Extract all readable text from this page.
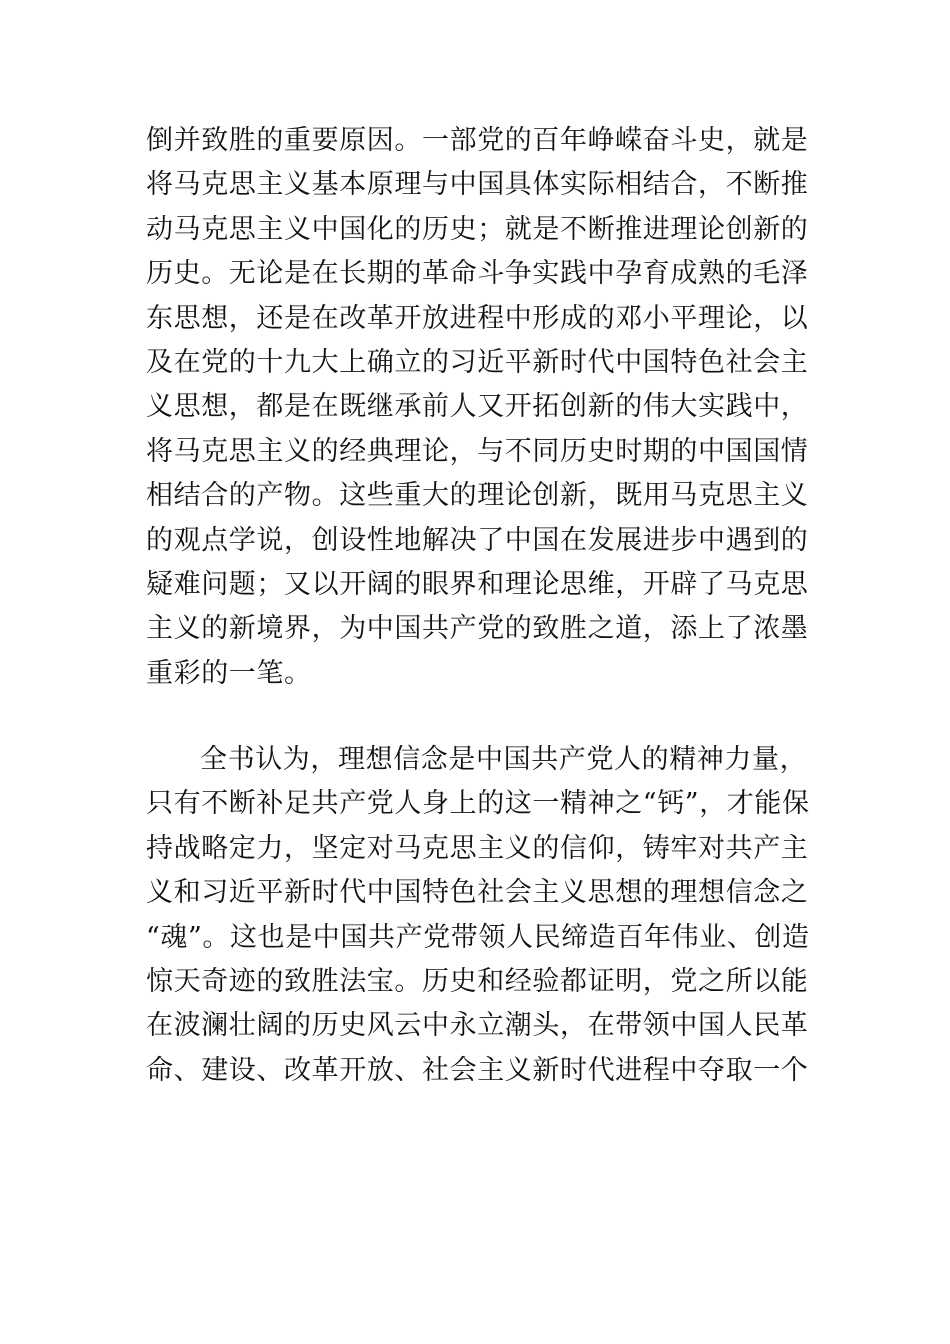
倒并致胜的重要原因。一部党的百年峥嵘奋斗史，就是
将马克思主义基本原理与中国具体实际相结合，不断推
动马克思主义中国化的历史；就是不断推进理论创新的
历史。无论是在长期的革命斗争实践中孕育成熟的毛泽
东思想，还是在改革开放进程中形成的邓小平理论，以
及在党的十九大上确立的习近平新时代中国特色社会主
义思想，都是在既继承前人又开拓创新的伟大实践中，
将马克思主义的经典理论，与不同历史时期的中国国情
相结合的产物。这些重大的理论创新，既用马克思主义
的观点学说，创设性地解决了中国在发展进步中遇到的
疑难问题；又以开阔的眼界和理论思维，开辟了马克思
主义的新境界，为中国共产党的致胜之道，添上了浓墨
重彩的一笔。
全书认为，理想信念是中国共产党人的精神力量，
只有不断补足共产党人身上的这一精神之“钙”，才能保
持战略定力，坚定对马克思主义的信仰，铸牢对共产主
义和习近平新时代中国特色社会主义思想的理想信念之
“魂”。这也是中国共产党带领人民缔造百年伟业、创造
惊天奇迹的致胜法宝。历史和经验都证明，党之所以能
在波澜壮阔的历史风云中永立潮头，在带领中国人民革
命、建设、改革开放、社会主义新时代进程中夺取一个
